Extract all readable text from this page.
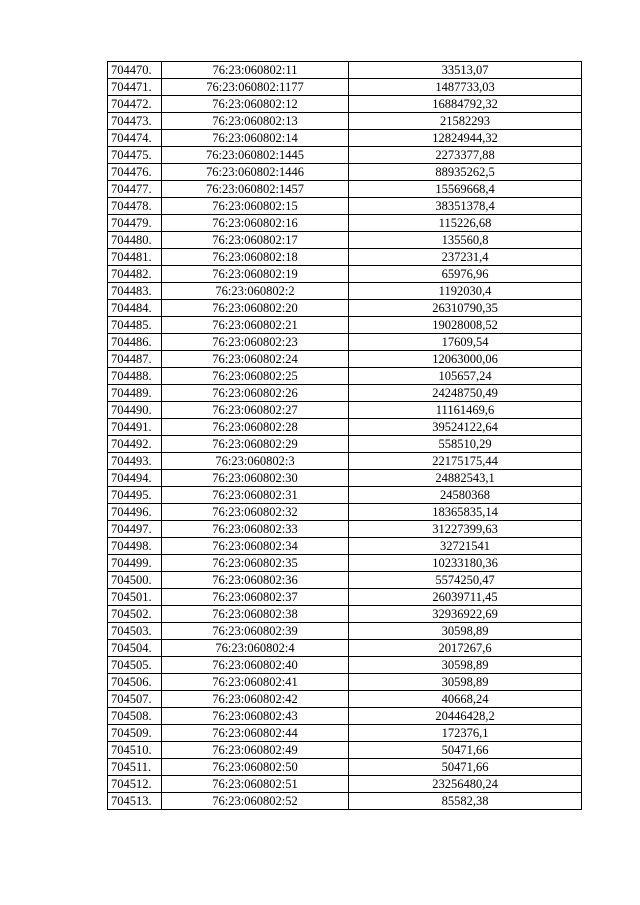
704470.	76:23:060802:11	33513,07
704471.	76:23:060802:1177	1487733,03
704472.	76:23:060802:12	16884792,32
704473.	76:23:060802:13	21582293
704474.	76:23:060802:14	12824944,32
704475.	76:23:060802:1445	2273377,88
704476.	76:23:060802:1446	88935262,5
704477.	76:23:060802:1457	15569668,4
704478.	76:23:060802:15	38351378,4
704479.	76:23:060802:16	115226,68
704480.	76:23:060802:17	135560,8
704481.	76:23:060802:18	237231,4
704482.	76:23:060802:19	65976,96
704483.	76:23:060802:2	1192030,4
704484.	76:23:060802:20	26310790,35
704485.	76:23:060802:21	19028008,52
704486.	76:23:060802:23	17609,54
704487.	76:23:060802:24	12063000,06
704488.	76:23:060802:25	105657,24
704489.	76:23:060802:26	24248750,49
704490.	76:23:060802:27	11161469,6
704491.	76:23:060802:28	39524122,64
704492.	76:23:060802:29	558510,29
704493.	76:23:060802:3	22175175,44
704494.	76:23:060802:30	24882543,1
704495.	76:23:060802:31	24580368
704496.	76:23:060802:32	18365835,14
704497.	76:23:060802:33	31227399,63
704498.	76:23:060802:34	32721541
704499.	76:23:060802:35	10233180,36
704500.	76:23:060802:36	5574250,47
704501.	76:23:060802:37	26039711,45
704502.	76:23:060802:38	32936922,69
704503.	76:23:060802:39	30598,89
704504.	76:23:060802:4	2017267,6
704505.	76:23:060802:40	30598,89
704506.	76:23:060802:41	30598,89
704507.	76:23:060802:42	40668,24
704508.	76:23:060802:43	20446428,2
704509.	76:23:060802:44	172376,1
704510.	76:23:060802:49	50471,66
704511.	76:23:060802:50	50471,66
704512.	76:23:060802:51	23256480,24
704513.	76:23:060802:52	85582,38
